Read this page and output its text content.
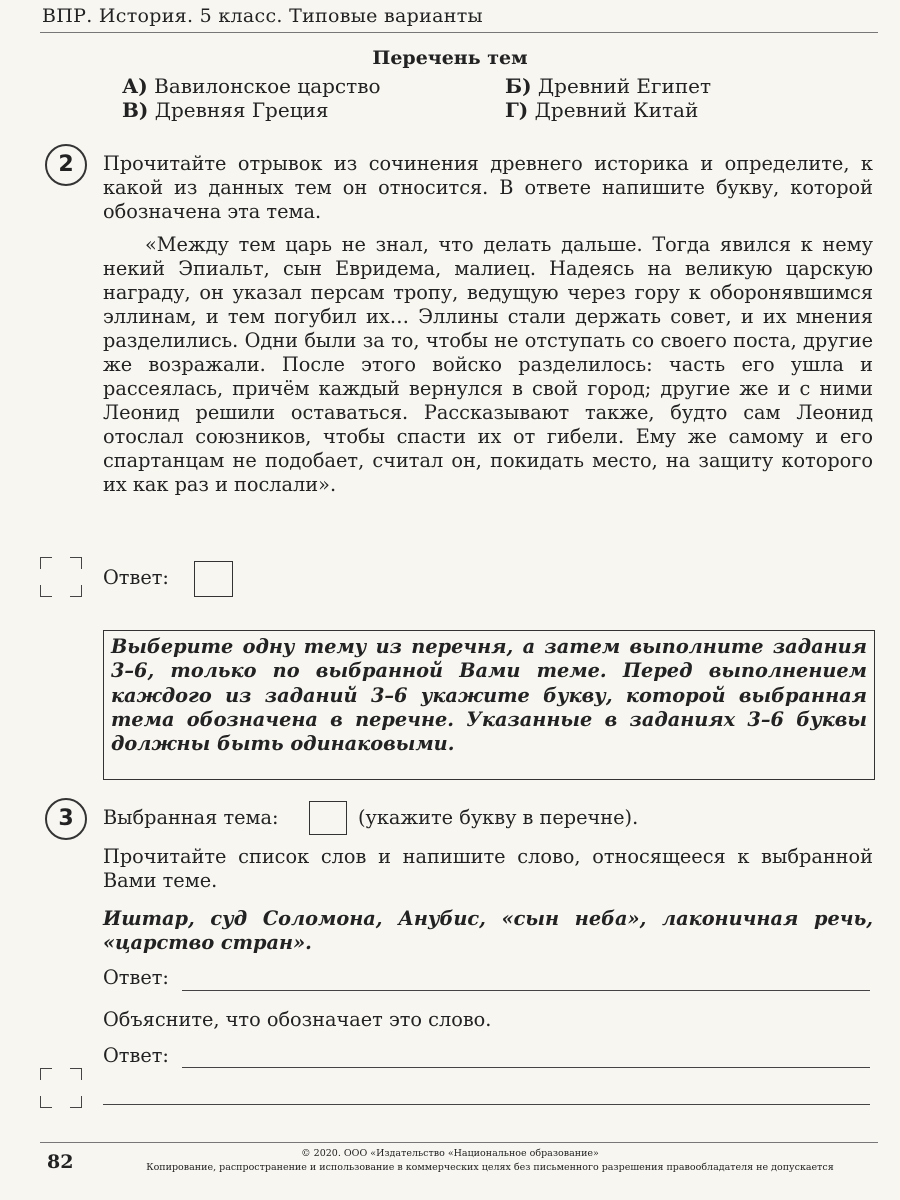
ВПР. История. 5 класс. Типовые варианты
Перечень тем
А) Вавилонское царство	Б) Древний Египет
В) Древняя Греция	Г) Древний Китай
2	Прочитайте отрывок из сочинения древнего историка и определите, к какой из данных тем он относится. В ответе напишите букву, которой обозначена эта тема.
«Между тем царь не знал, что делать дальше. Тогда явился к нему некий Эпиальт, сын Евридема, малиец. Надеясь на великую царскую награду, он указал персам тропу, ведущую через гору к оборонявшимся эллинам, и тем погубил их… Эллины стали держать совет, и их мнения разделились. Одни были за то, чтобы не отступать со своего поста, другие же возражали. После этого войско разделилось: часть его ушла и рассеялась, причём каждый вернулся в свой город; другие же и с ними Леонид решили оставаться. Рассказывают также, будто сам Леонид отослал союзников, чтобы спасти их от гибели. Ему же самому и его спартанцам не подобает, считал он, покидать место, на защиту которого их как раз и послали».
Ответ:
Выберите одну тему из перечня, а затем выполните задания 3–6, только по выбранной Вами теме. Перед выполнением каждого из заданий 3–6 укажите букву, которой выбранная тема обозначена в перечне. Указанные в заданиях 3–6 буквы должны быть одинаковыми.
3	Выбранная тема:	(укажите букву в перечне).
Прочитайте список слов и напишите слово, относящееся к выбранной Вами теме.
Иштар, суд Соломона, Анубис, «сын неба», лаконичная речь, «царство стран».
Ответ:
Объясните, что обозначает это слово.
Ответ:
82	© 2020. ООО «Издательство «Национальное образование»
Копирование, распространение и использование в коммерческих целях без письменного разрешения правообладателя не допускается
